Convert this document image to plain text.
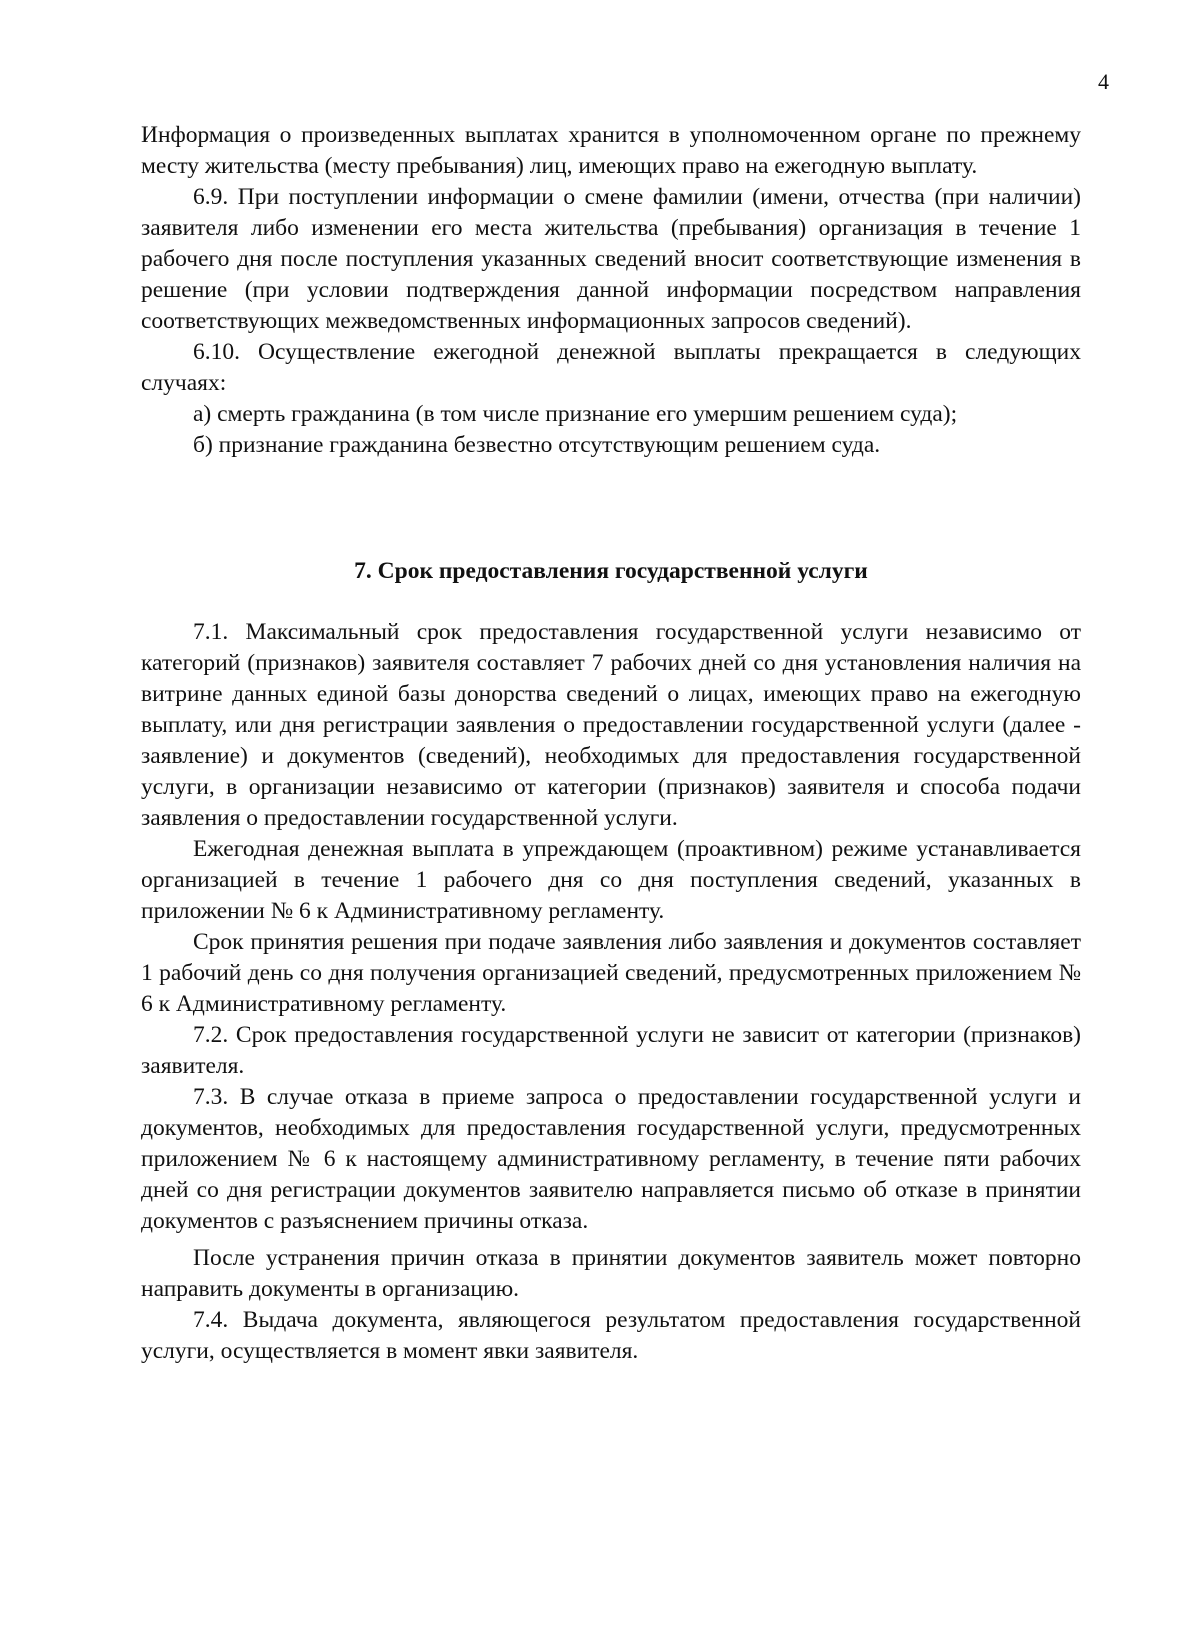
4

Информация о произведенных выплатах хранится в уполномоченном органе по прежнему месту жительства (месту пребывания) лиц, имеющих право на ежегодную выплату.

6.9. При поступлении информации о смене фамилии (имени, отчества (при наличии) заявителя либо изменении его места жительства (пребывания) организация в течение 1 рабочего дня после поступления указанных сведений вносит соответствующие изменения в решение (при условии подтверждения данной информации посредством направления соответствующих межведомственных информационных запросов сведений).

6.10. Осуществление ежегодной денежной выплаты прекращается в следующих случаях:

а) смерть гражданина (в том числе признание его умершим решением суда);

б) признание гражданина безвестно отсутствующим решением суда.

7. Срок предоставления государственной услуги

7.1. Максимальный срок предоставления государственной услуги независимо от категорий (признаков) заявителя составляет 7 рабочих дней со дня установления наличия на витрине данных единой базы донорства сведений о лицах, имеющих право на ежегодную выплату, или дня регистрации заявления о предоставлении государственной услуги (далее - заявление) и документов (сведений), необходимых для предоставления государственной услуги, в организации независимо от категории (признаков) заявителя и способа подачи заявления о предоставлении государственной услуги.

Ежегодная денежная выплата в упреждающем (проактивном) режиме устанавливается организацией в течение 1 рабочего дня со дня поступления сведений, указанных в приложении № 6 к Административному регламенту.

Срок принятия решения при подаче заявления либо заявления и документов составляет 1 рабочий день со дня получения организацией сведений, предусмотренных приложением № 6 к Административному регламенту.

7.2. Срок предоставления государственной услуги не зависит от категории (признаков) заявителя.

7.3. В случае отказа в приеме запроса о предоставлении государственной услуги и документов, необходимых для предоставления государственной услуги, предусмотренных приложением № 6 к настоящему административному регламенту, в течение пяти рабочих дней со дня регистрации документов заявителю направляется письмо об отказе в принятии документов с разъяснением причины отказа.

После устранения причин отказа в принятии документов заявитель может повторно направить документы в организацию.

7.4. Выдача документа, являющегося результатом предоставления государственной услуги, осуществляется в момент явки заявителя.
